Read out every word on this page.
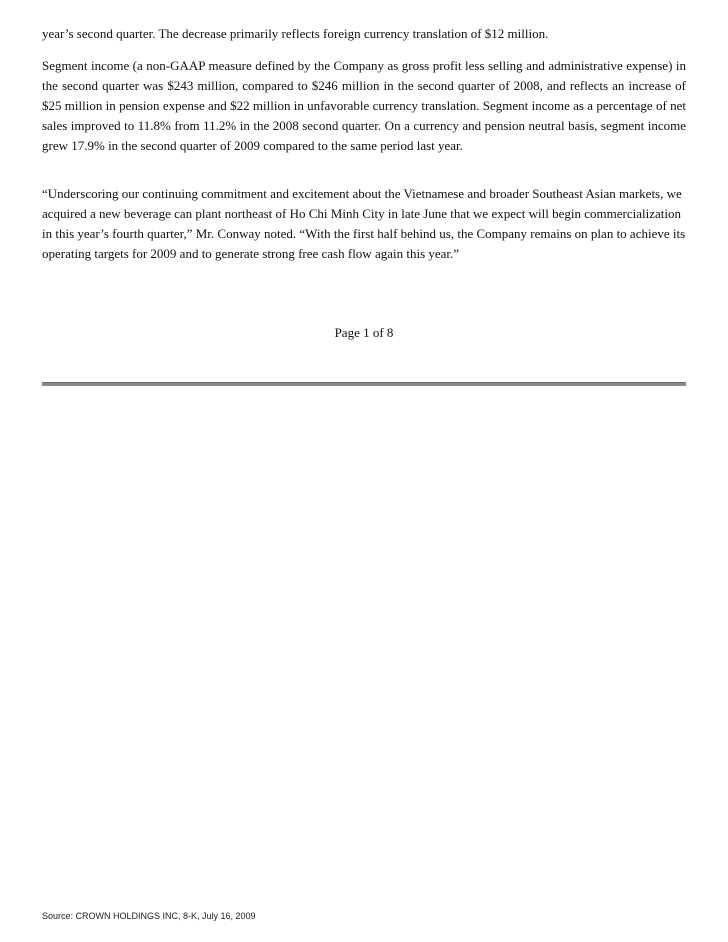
year’s second quarter. The decrease primarily reflects foreign currency translation of $12 million.

Segment income (a non-GAAP measure defined by the Company as gross profit less selling and administrative expense) in the second quarter was $243 million, compared to $246 million in the second quarter of 2008, and reflects an increase of $25 million in pension expense and $22 million in unfavorable currency translation. Segment income as a percentage of net sales improved to 11.8% from 11.2% in the 2008 second quarter. On a currency and pension neutral basis, segment income grew 17.9% in the second quarter of 2009 compared to the same period last year.

“Underscoring our continuing commitment and excitement about the Vietnamese and broader Southeast Asian markets, we acquired a new beverage can plant northeast of Ho Chi Minh City in late June that we expect will begin commercialization in this year’s fourth quarter,” Mr. Conway noted. “With the first half behind us, the Company remains on plan to achieve its operating targets for 2009 and to generate strong free cash flow again this year.”

Page 1 of 8
Source: CROWN HOLDINGS INC, 8-K, July 16, 2009
